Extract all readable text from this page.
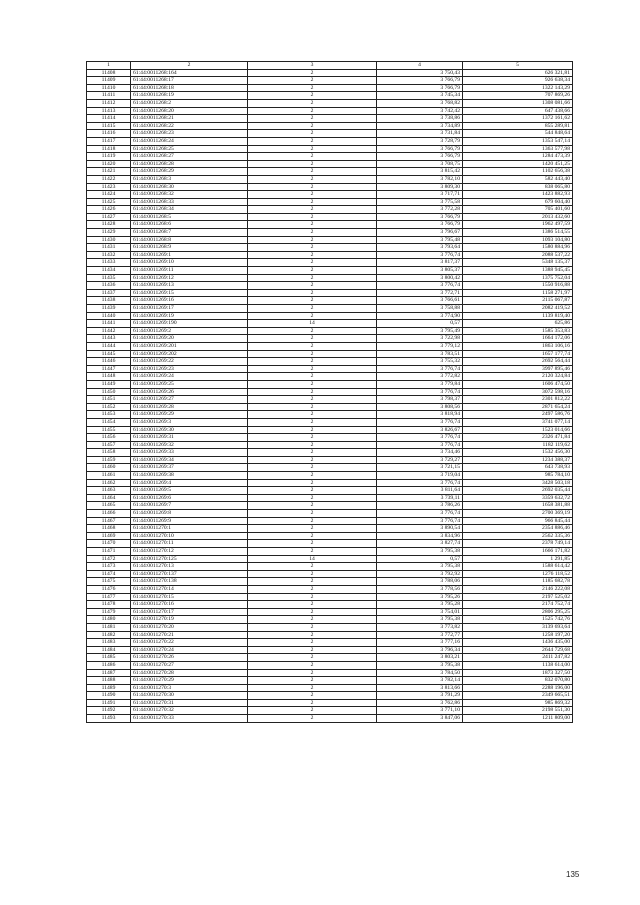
1	2	3	4	5
11408	61:44:0011268:164	2	3 750,43	626 321,81
11409	61:44:0011268:17	2	3 766,79	926 638,34
11410	61:44:0011268:18	2	3 766,79	1322 143,29
11411	61:44:0011268:19	2	3 745,34	707 869,26
11412	61:44:0011268:2	2	3 768,82	1308 081,66
11413	61:44:0011268:20	2	3 742,42	647 438,66
11414	61:44:0011268:21	2	3 738,86	1372 161,62
11415	61:44:0011268:22	2	3 734,89	855 289,81
11416	61:44:0011268:23	2	3 731,84	544 848,64
11417	61:44:0011268:24	2	3 728,79	1353 547,14
11418	61:44:0011268:25	2	3 766,79	1363 577,98
11419	61:44:0011268:27	2	3 766,79	1284 473,39
11420	61:44:0011268:28	2	3 708,75	1420 451,25
11421	61:44:0011268:29	2	3 815,42	1102 656,38
11422	61:44:0011268:3	2	3 782,10	582 443,40
11423	61:44:0011268:30	2	3 809,30	838 065,80
11424	61:44:0011268:32	2	3 717,71	1423 882,93
11425	61:44:0011268:33	2	3 775,58	679 604,40
11426	61:44:0011268:34	2	3 772,28	705 401,60
11427	61:44:0011268:5	2	3 766,79	2013 432,60
11428	61:44:0011268:6	2	3 766,79	1962 497,59
11429	61:44:0011268:7	2	3 796,67	1386 514,55
11430	61:44:0011268:8	2	3 795,48	1093 104,80
11431	61:44:0011268:9	2	3 793,64	1580 884,96
11432	61:44:0011269:1	2	3 776,74	2088 537,22
11433	61:44:0011269:10	2	3 817,37	5348 135,37
11434	61:44:0011269:11	2	3 805,37	1388 945,45
11435	61:44:0011269:12	2	3 800,42	1375 752,04
11436	61:44:0011269:13	2	3 776,74	1550 916,88
11437	61:44:0011269:15	2	3 772,71	1158 271,97
11438	61:44:0011269:16	2	3 766,61	2115 067,87
11439	61:44:0011269:17	2	3 758,88	2082 419,52
11440	61:44:0011269:19	2	3 774,90	1139 819,40
11441	61:44:0011269:190	14	0,57	625,86
11442	61:44:0011269:2	2	3 795,49	1585 353,83
11443	61:44:0011269:20	2	3 722,98	1664 172,06
11444	61:44:0011269:201	2	3 779,12	1863 106,16
11445	61:44:0011269:202	2	3 783,51	1657 177,74
11446	61:44:0011269:22	2	3 755,32	2692 564,44
11447	61:44:0011269:23	2	3 776,74	3997 895,46
11448	61:44:0011269:24	2	3 772,82	2120 324,84
11449	61:44:0011269:25	2	3 779,84	1606 474,50
11450	61:44:0011269:26	2	3 776,74	3072 598,16
11451	61:44:0011269:27	2	3 798,37	2301 812,22
11452	61:44:0011269:28	2	3 808,56	2871 654,24
11453	61:44:0011269:29	2	3 818,94	2497 586,76
11454	61:44:0011269:3	2	3 776,74	3741 077,14
11455	61:44:0011269:30	2	3 826,67	1523 014,66
11456	61:44:0011269:31	2	3 776,74	2326 471,84
11457	61:44:0011269:32	2	3 776,74	1182 119,62
11458	61:44:0011269:33	2	3 734,46	1532 456,30
11459	61:44:0011269:34	2	3 729,27	1234 388,37
11460	61:44:0011269:37	2	3 721,15	643 738,93
11461	61:44:0011269:38	2	3 719,04	985 784,10
11462	61:44:0011269:4	2	3 776,74	3428 503,18
11463	61:44:0011269:5	2	3 811,64	2692 035,44
11464	61:44:0011269:6	2	3 739,11	3359 632,72
11465	61:44:0011269:7	2	3 786,26	1658 381,88
11466	61:44:0011269:8	2	3 776,74	2700 369,19
11467	61:44:0011269:9	2	3 776,74	966 845,44
11468	61:44:0011270:1	2	3 890,54	2354 886,46
11469	61:44:0011270:10	2	3 834,96	2562 335,36
11470	61:44:0011270:11	2	3 827,74	2378 749,14
11471	61:44:0011270:12	2	3 795,38	1666 171,82
11472	61:44:0011270:125	14	0,57	1 291,85
11473	61:44:0011270:13	2	3 795,38	1588 614,42
11474	61:44:0011270:137	2	3 792,92	1276 118,52
11475	61:44:0011270:138	2	3 788,06	1185 682,78
11476	61:44:0011270:14	2	3 778,56	2146 222,08
11477	61:44:0011270:15	2	3 795,26	2197 525,02
11478	61:44:0011270:16	2	3 795,28	2174 752,74
11479	61:44:0011270:17	2	3 754,01	2806 295,25
11480	61:44:0011270:19	2	3 795,38	1525 742,76
11481	61:44:0011270:20	2	3 773,82	3139 693,64
11482	61:44:0011270:21	2	3 772,77	1258 197,20
11483	61:44:0011270:22	2	3 777,16	1436 435,00
11484	61:44:0011270:24	2	3 796,34	2644 729,68
11485	61:44:0011270:26	2	3 803,21	2411 247,82
11486	61:44:0011270:27	2	3 795,38	1138 614,00
11487	61:44:0011270:28	2	3 784,50	1873 327,50
11488	61:44:0011270:29	2	3 782,14	832 070,80
11489	61:44:0011270:3	2	3 813,66	2288 196,00
11490	61:44:0011270:30	2	3 791,29	2349 665,51
11491	61:44:0011270:31	2	3 762,86	985 869,32
11492	61:44:0011270:32	2	3 771,10	2198 551,30
11493	61:44:0011270:33	2	3 847,06	1211 809,00
135
